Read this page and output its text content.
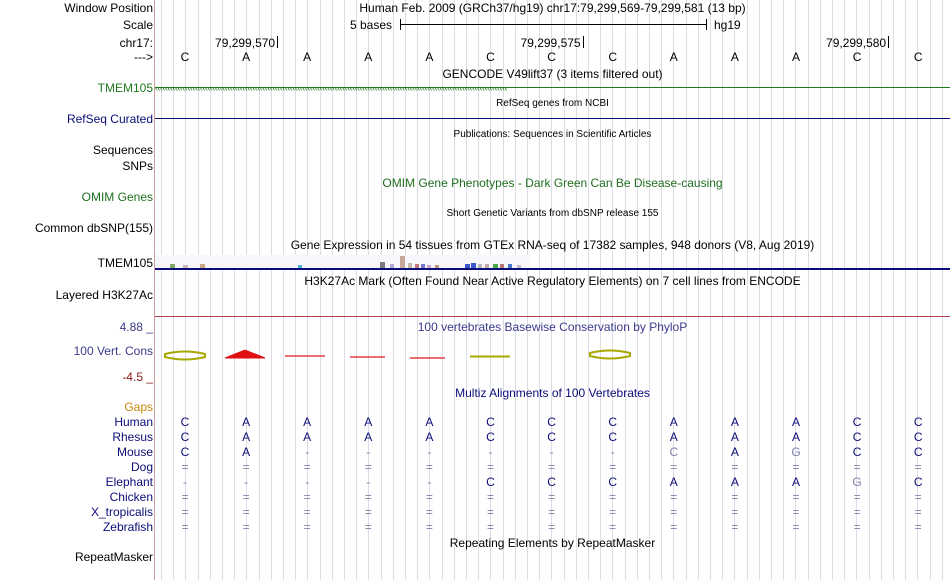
Window Position	Human Feb. 2009 (GRCh37/hg19) chr17:79,299,569-79,299,581 (13 bp)
Scale	5 bases	hg19
chr17:	79,299,570	79,299,575	79,299,580
--->	C	A	A	A	A	C	C	C	A	A	A	C	C
GENCODE V49lift37 (3 items filtered out)
TMEM105 ‹‹‹‹‹‹‹‹‹‹‹‹‹‹‹‹‹‹‹‹‹‹‹‹‹‹‹‹‹‹‹‹‹‹‹‹‹‹‹‹‹‹‹‹‹‹‹‹‹‹‹‹‹‹‹‹‹‹‹‹‹‹‹‹‹‹‹‹‹‹‹‹‹‹‹‹‹‹‹‹‹‹‹‹‹‹‹‹‹‹‹‹‹‹‹‹‹‹‹‹‹‹‹‹‹‹‹‹‹‹‹‹‹‹‹‹‹‹‹‹‹‹‹‹‹‹‹‹‹‹‹‹‹‹‹‹‹‹‹‹‹
RefSeq genes from NCBI
RefSeq Curated
Publications: Sequences in Scientific Articles
Sequences
SNPs
OMIM Gene Phenotypes - Dark Green Can Be Disease-causing
OMIM Genes
Short Genetic Variants from dbSNP release 155
Common dbSNP(155)
Gene Expression in 54 tissues from GTEx RNA-seq of 17382 samples, 948 donors (V8, Aug 2019)
TMEM105
H3K27Ac Mark (Often Found Near Active Regulatory Elements) on 7 cell lines from ENCODE
Layered H3K27Ac
100 vertebrates Basewise Conservation by PhyloP
4.88 _
100 Vert. Cons
-4.5 _
Multiz Alignments of 100 Vertebrates
Gaps
Human	C	A	A	A	A	C	C	C	A	A	A	C	C
Rhesus	C	A	A	A	A	C	C	C	A	A	A	C	C
Mouse	C	A	-	-	-	-	-	-	C	A	G	C	C
Dog	=	=	=	=	=	=	=	=	=	=	=	=	=
Elephant	-	-	-	-	-	C	C	C	A	A	A	G	C
Chicken	=	=	=	=	=	=	=	=	=	=	=	=	=
X_tropicalis	=	=	=	=	=	=	=	=	=	=	=	=	=
Zebrafish	=	=	=	=	=	=	=	=	=	=	=	=	=
Repeating Elements by RepeatMasker
RepeatMasker
